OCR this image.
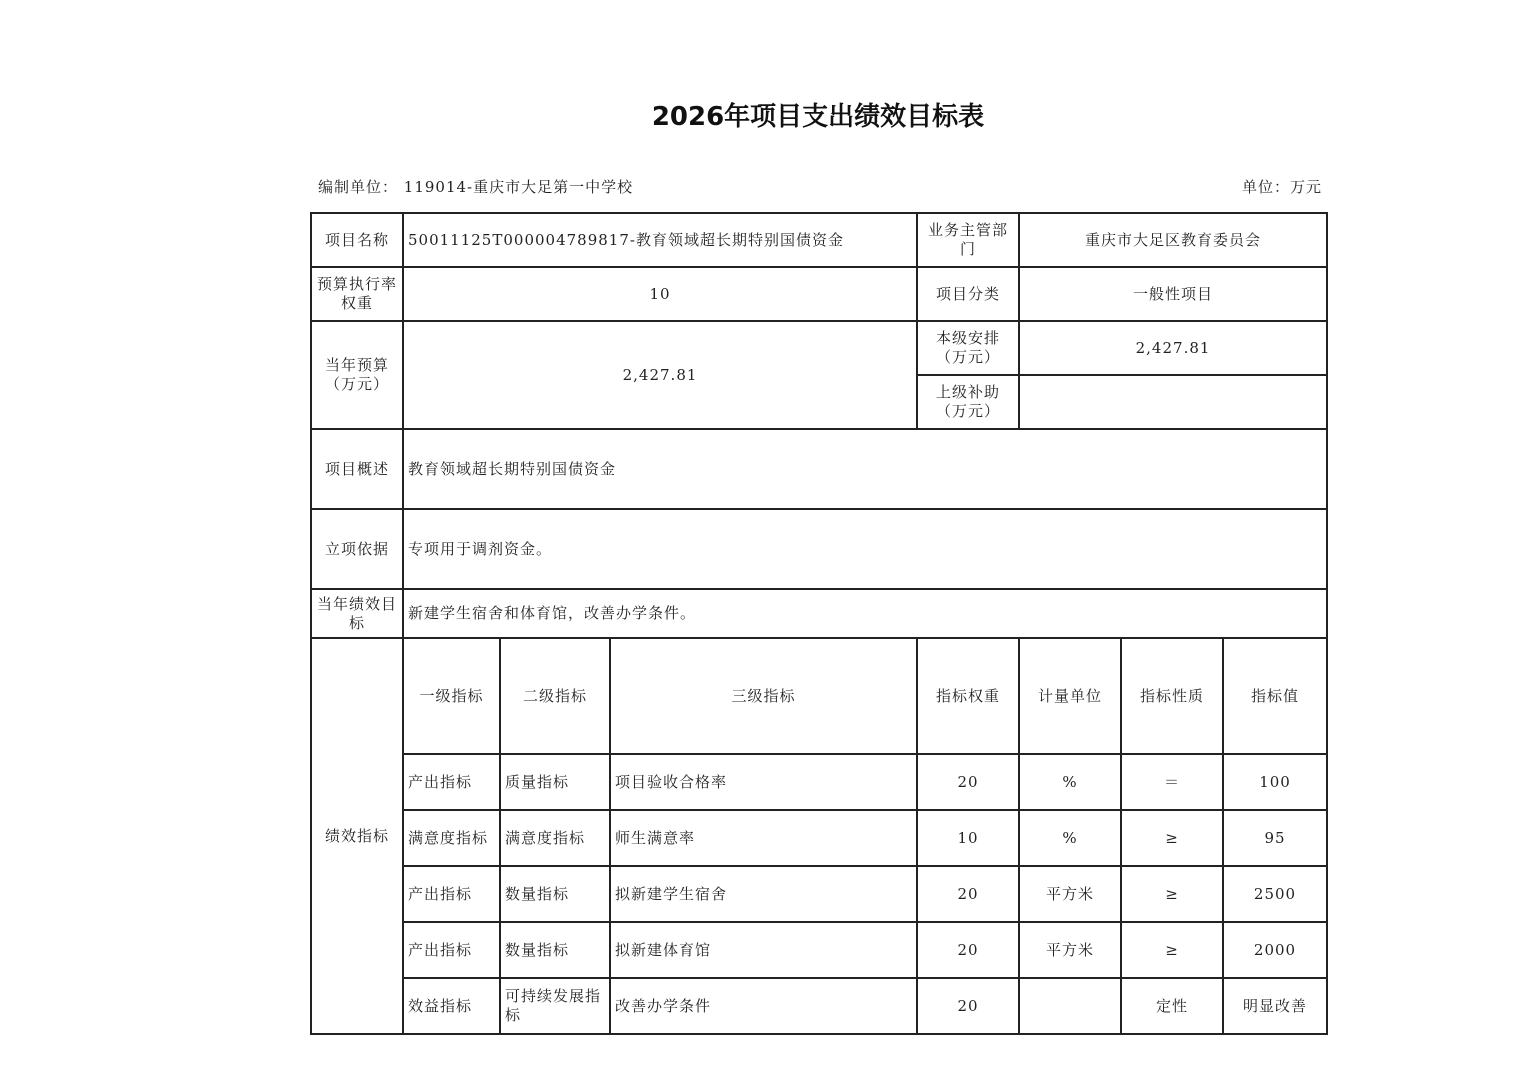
2026年项目支出绩效目标表
编制单位： 119014-重庆市大足第一中学校	单位：万元
项目名称	50011125T000004789817-教育领域超长期特别国债资金			业务主管部门	重庆市大足区教育委员会			
预算执行率权重	10			项目分类	一般性项目			
当年预算（万元）	2,427.81			本级安排（万元）	2,427.81			
				上级补助（万元）				
项目概述	教育领域超长期特别国债资金							
立项依据	专项用于调剂资金。							
当年绩效目标	新建学生宿舍和体育馆，改善办学条件。							
绩效指标	一级指标	二级指标	三级指标	指标权重	计量单位	指标性质	指标值	
	产出指标	质量指标	项目验收合格率	20	%	＝	100	
	满意度指标	满意度指标	师生满意率	10	%	≥	95	
	产出指标	数量指标	拟新建学生宿舍	20	平方米	≥	2500	
	产出指标	数量指标	拟新建体育馆	20	平方米	≥	2000	
	效益指标	可持续发展指标	改善办学条件	20		定性	明显改善	
